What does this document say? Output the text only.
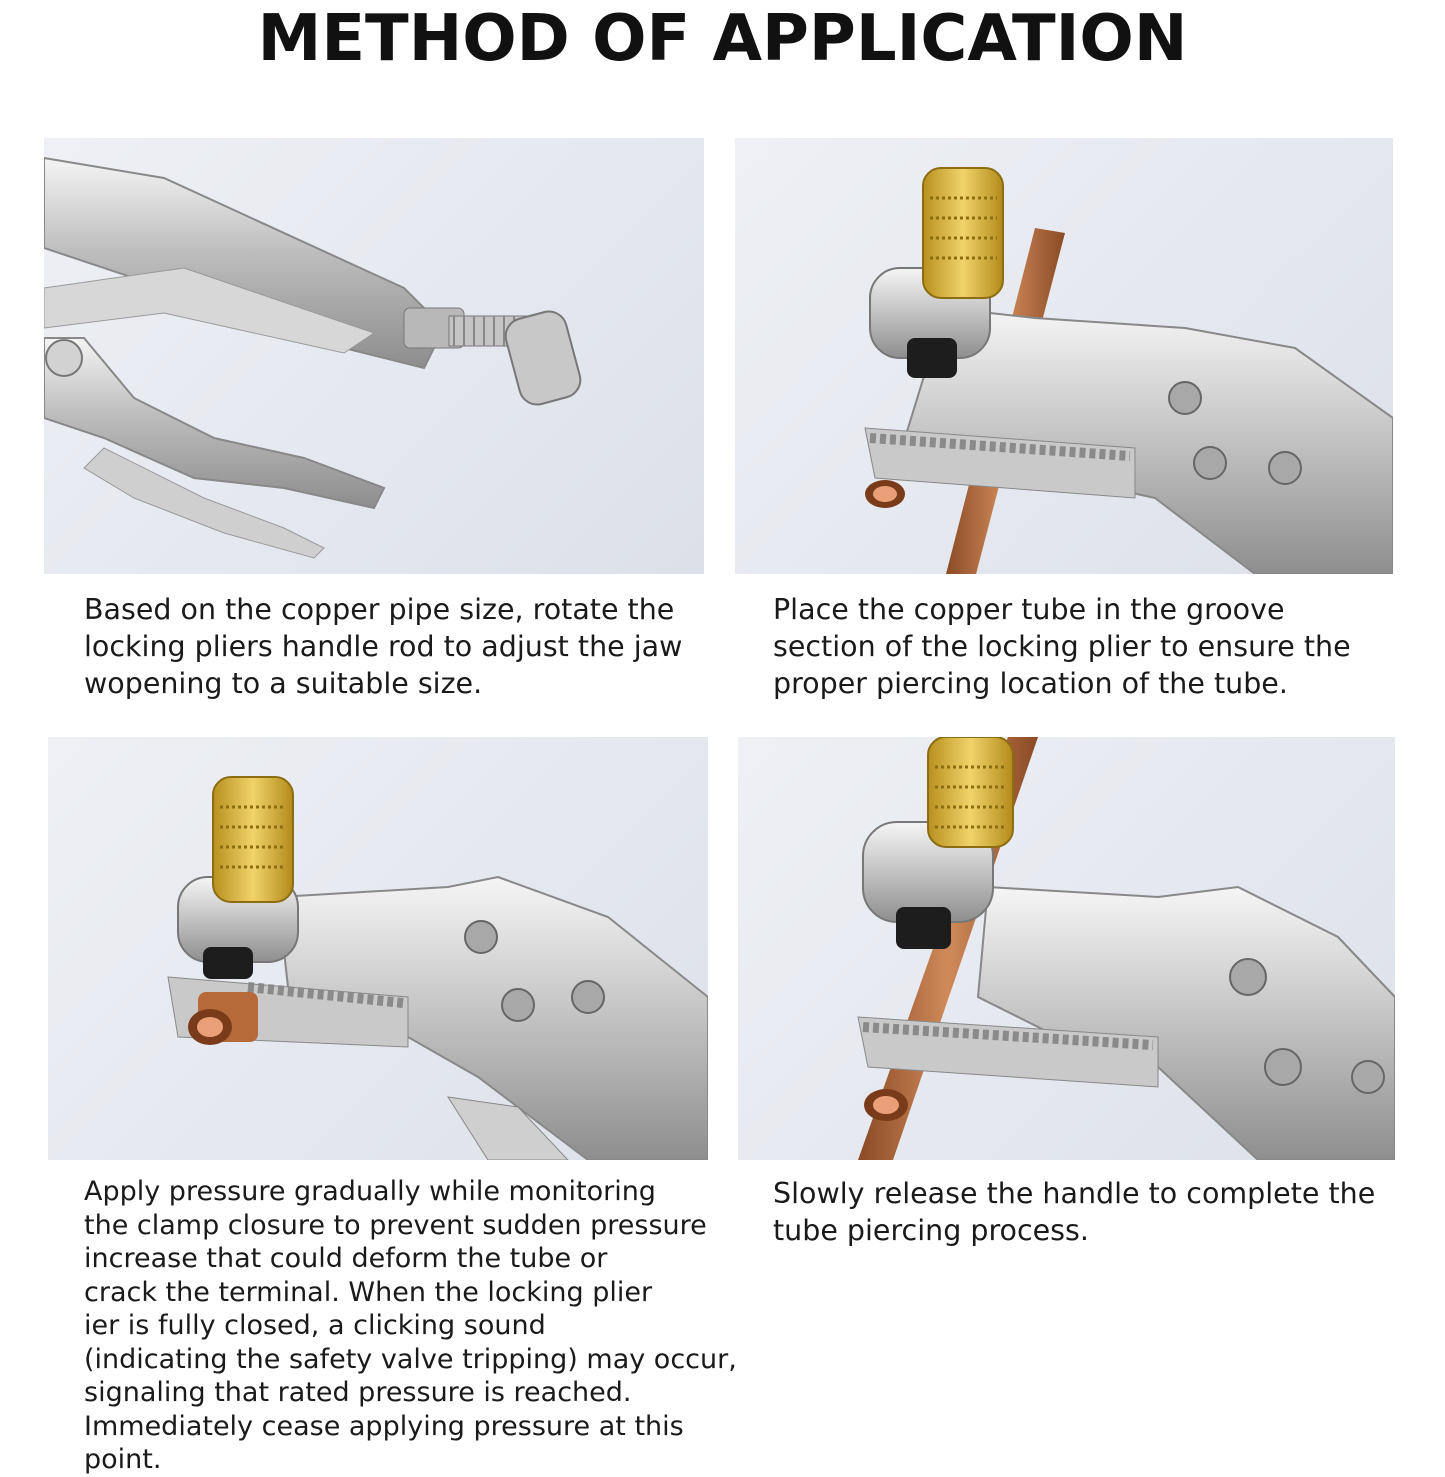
METHOD OF APPLICATION
Based on the copper pipe size, rotate the
locking pliers handle rod to adjust the jaw
wopening to a suitable size.
Place the copper tube in the groove
section of the locking plier to ensure the
proper piercing location of the tube.
Apply pressure gradually while monitoring
the clamp closure to prevent sudden pressure
increase that could deform the tube or
crack the terminal. When the locking plier
ier is fully closed, a clicking sound
(indicating the safety valve tripping) may occur,
signaling that rated pressure is reached.
Immediately cease applying pressure at this point.
Slowly release the handle to complete the
tube piercing process.
